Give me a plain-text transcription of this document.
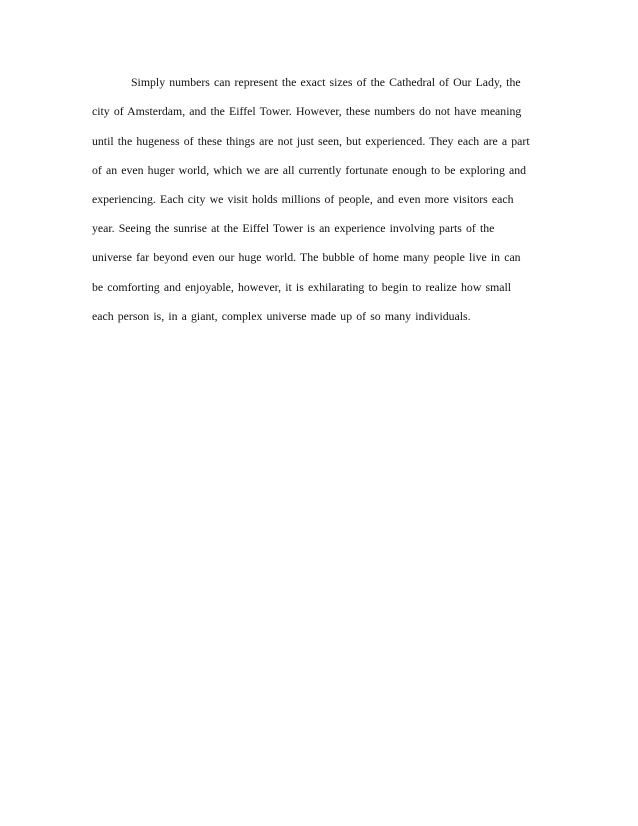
Simply numbers can represent the exact sizes of the Cathedral of Our Lady, the
city of Amsterdam, and the Eiffel Tower. However, these numbers do not have meaning
until the hugeness of these things are not just seen, but experienced. They each are a part
of an even huger world, which we are all currently fortunate enough to be exploring and
experiencing. Each city we visit holds millions of people, and even more visitors each
year. Seeing the sunrise at the Eiffel Tower is an experience involving parts of the
universe far beyond even our huge world. The bubble of home many people live in can
be comforting and enjoyable, however, it is exhilarating to begin to realize how small
each person is, in a giant, complex universe made up of so many individuals.
